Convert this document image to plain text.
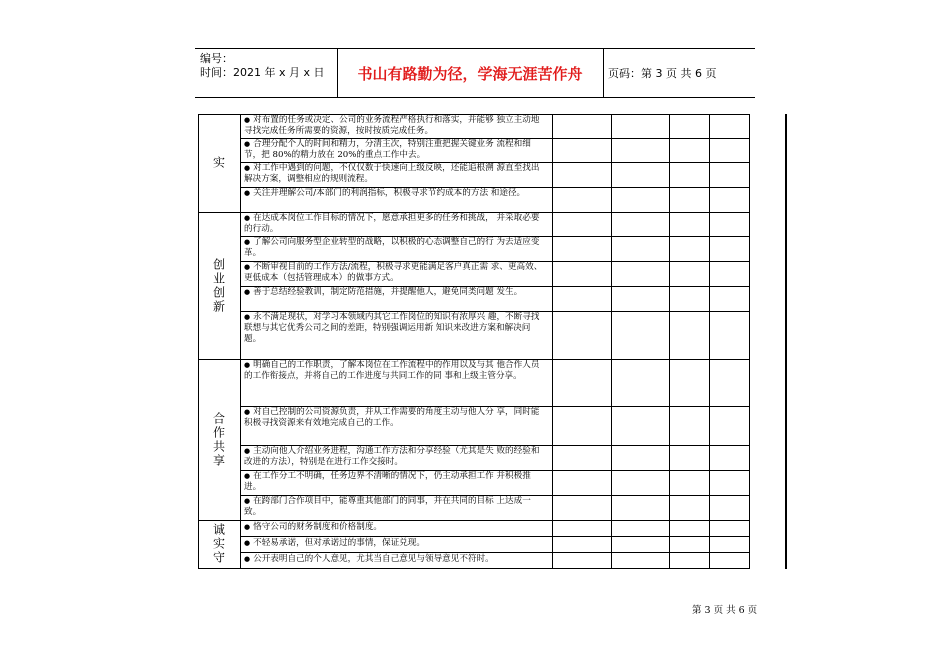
编号：
时间：2021 年 x 月 x 日	书山有路勤为径，学海无涯苦作舟	页码：第 3 页 共 6 页
实
创业创新
合作共享
诚实守
● 对布置的任务或决定、公司的业务流程严格执行和落实，并能够 独立主动地寻找完成任务所需要的资源，按时按质完成任务。
● 合理分配个人的时间和精力，分清主次，特别注重把握关键业务 流程和细节，把 80%的精力放在 20%的重点工作中去。
● 对工作中遇到的问题，不仅仅数于快速向上级反映，还能追根溯 源直至找出解决方案，调整相应的规则流程。
● 关注并理解公司/本部门的利润指标，积极寻求节约成本的方法 和途径。
● 在达成本岗位工作目标的情况下，愿意承担更多的任务和挑战， 并采取必要的行动。
● 了解公司向服务型企业转型的战略，以积极的心态调整自己的行 为去适应变革。
● 不断审视目前的工作方法/流程，积极寻求更能满足客户真正需 求、更高效、更低成本（包括管理成本）的做事方式。
● 善于总结经验教训，制定防范措施，并提醒他人，避免同类问题 发生。
● 永不满足现状，对学习本领域内其它工作岗位的知识有浓厚兴 趣，不断寻找联想与其它优秀公司之间的差距，特别强调运用新 知识来改进方案和解决问题。
● 明确自己的工作职责，了解本岗位在工作流程中的作用以及与其 他合作人员的工作衔接点，并将自己的工作进度与共同工作的同 事和上级主管分享。
● 对自己控制的公司资源负责，并从工作需要的角度主动与他人分 享，同时能积极寻找资源来有效地完成自己的工作。
● 主动向他人介绍业务进程，沟通工作方法和分享经验（尤其是失 败的经验和改进的方法），特别是在进行工作交接时。
● 在工作分工不明确，任务边界不清晰的情况下，仍主动承担工作 并积极推进。
● 在跨部门合作项目中，能尊重其他部门的同事，并在共同的目标 上达成一致。
● 恪守公司的财务制度和价格制度。
● 不轻易承诺，但对承诺过的事情，保证兑现。
● 公开表明自己的个人意见，尤其当自己意见与领导意见不符时。
第 3 页 共 6 页
